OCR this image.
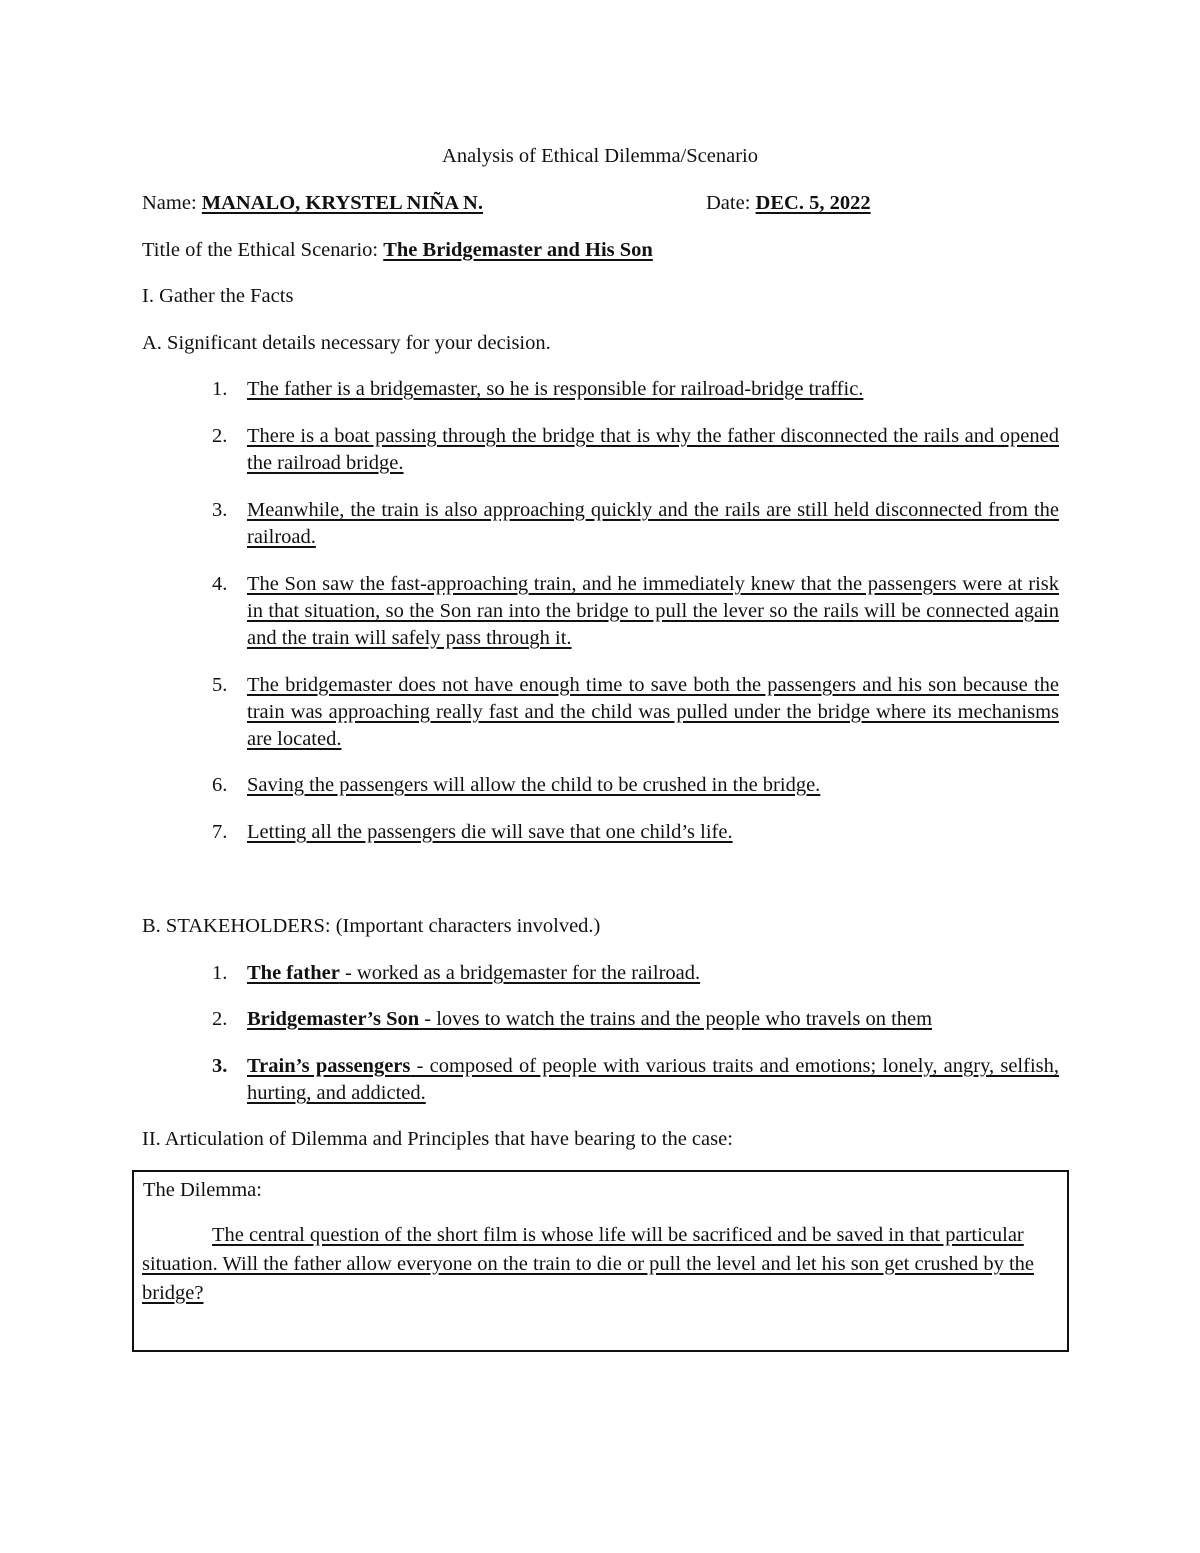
Analysis of Ethical Dilemma/Scenario
Name: MANALO, KRYSTEL NIÑA N.	Date: DEC. 5, 2022
Title of the Ethical Scenario: The Bridgemaster and His Son
I. Gather the Facts
A. Significant details necessary for your decision.
1. The father is a bridgemaster, so he is responsible for railroad-bridge traffic.
2. There is a boat passing through the bridge that is why the father disconnected the rails and opened the railroad bridge.
3. Meanwhile, the train is also approaching quickly and the rails are still held disconnected from the railroad.
4. The Son saw the fast-approaching train, and he immediately knew that the passengers were at risk in that situation, so the Son ran into the bridge to pull the lever so the rails will be connected again and the train will safely pass through it.
5. The bridgemaster does not have enough time to save both the passengers and his son because the train was approaching really fast and the child was pulled under the bridge where its mechanisms are located.
6. Saving the passengers will allow the child to be crushed in the bridge.
7. Letting all the passengers die will save that one child’s life.
B. STAKEHOLDERS: (Important characters involved.)
1. The father - worked as a bridgemaster for the railroad.
2. Bridgemaster’s Son - loves to watch the trains and the people who travels on them
3. Train’s passengers - composed of people with various traits and emotions; lonely, angry, selfish, hurting, and addicted.
II. Articulation of Dilemma and Principles that have bearing to the case:
The Dilemma:
The central question of the short film is whose life will be sacrificed and be saved in that particular situation. Will the father allow everyone on the train to die or pull the level and let his son get crushed by the bridge?
